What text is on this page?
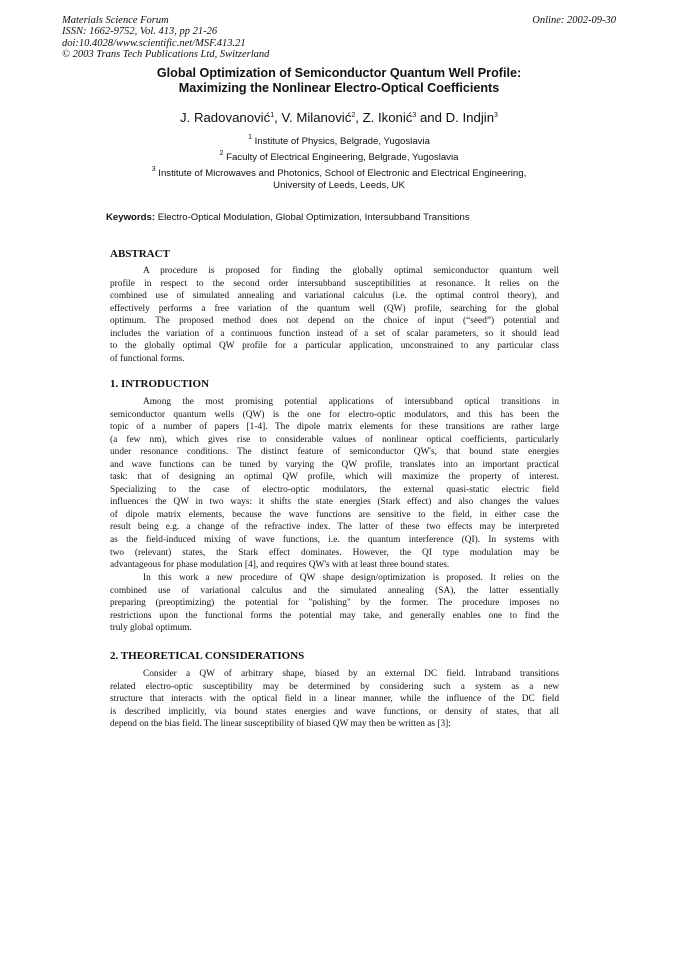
Materials Science Forum
ISSN: 1662-9752, Vol. 413, pp 21-26
doi:10.4028/www.scientific.net/MSF.413.21
© 2003 Trans Tech Publications Ltd, Switzerland
Online: 2002-09-30
Global Optimization of Semiconductor Quantum Well Profile:
Maximizing the Nonlinear Electro-Optical Coefficients
J. Radovanović$^1$, V. Milanović$^2$, Z. Ikonić$^3$ and D. Indjin$^3$
$^1$ Institute of Physics, Belgrade, Yugoslavia
$^2$ Faculty of Electrical Engineering, Belgrade, Yugoslavia
$^3$ Institute of Microwaves and Photonics, School of Electronic and Electrical Engineering,
University of Leeds, Leeds, UK
Keywords: Electro-Optical Modulation, Global Optimization, Intersubband Transitions
ABSTRACT
A procedure is proposed for finding the globally optimal semiconductor quantum well
profile in respect to the second order intersubband susceptibilities at resonance. It relies on the
combined use of simulated annealing and variational calculus (i.e. the optimal control theory), and
effectively performs a free variation of the quantum well (QW) profile, searching for the global
optimum. The proposed method does not depend on the choice of input (“seed”) potential and
includes the variation of a continuous function instead of a set of scalar parameters, so it should lead
to the globally optimal QW profile for a particular application, unconstrained to any particular class
of functional forms.
1. INTRODUCTION
Among the most promising potential applications of intersubband optical transitions in
semiconductor quantum wells (QW) is the one for electro-optic modulators, and this has been the
topic of a number of papers [1-4]. The dipole matrix elements for these transitions are rather large
(a few nm), which gives rise to considerable values of nonlinear optical coefficients, particularly
under resonance conditions. The distinct feature of semiconductor QW's, that bound state energies
and wave functions can be tuned by varying the QW profile, translates into an important practical
task: that of designing an optimal QW profile, which will maximize the property of interest.
Specializing to the case of electro-optic modulators, the external quasi-static electric field
influences the QW in two ways: it shifts the state energies (Stark effect) and also changes the values
of dipole matrix elements, because the wave functions are sensitive to the field, in either case the
result being e.g. a change of the refractive index. The latter of these two effects may be interpreted
as the field-induced mixing of wave functions, i.e. the quantum interference (QI). In systems with
two (relevant) states, the Stark effect dominates. However, the QI type modulation may be
advantageous for phase modulation [4], and requires QW's with at least three bound states.
In this work a new procedure of QW shape design/optimization is proposed. It relies on the
combined use of variational calculus and the simulated annealing (SA), the latter essentially
preparing (preoptimizing) the potential for "polishing" by the former. The procedure imposes no
restrictions upon the functional forms the potential may take, and generally enables one to find the
truly global optimum.
2. THEORETICAL CONSIDERATIONS
Consider a QW of arbitrary shape, biased by an external DC field. Intraband transitions
related electro-optic susceptibility may be determined by considering such a system as a new
structure that interacts with the optical field in a linear manner, while the influence of the DC field
is described implicitly, via bound states energies and wave functions, or density of states, that all
depend on the bias field. The linear susceptibility of biased QW may then be written as [3]:
